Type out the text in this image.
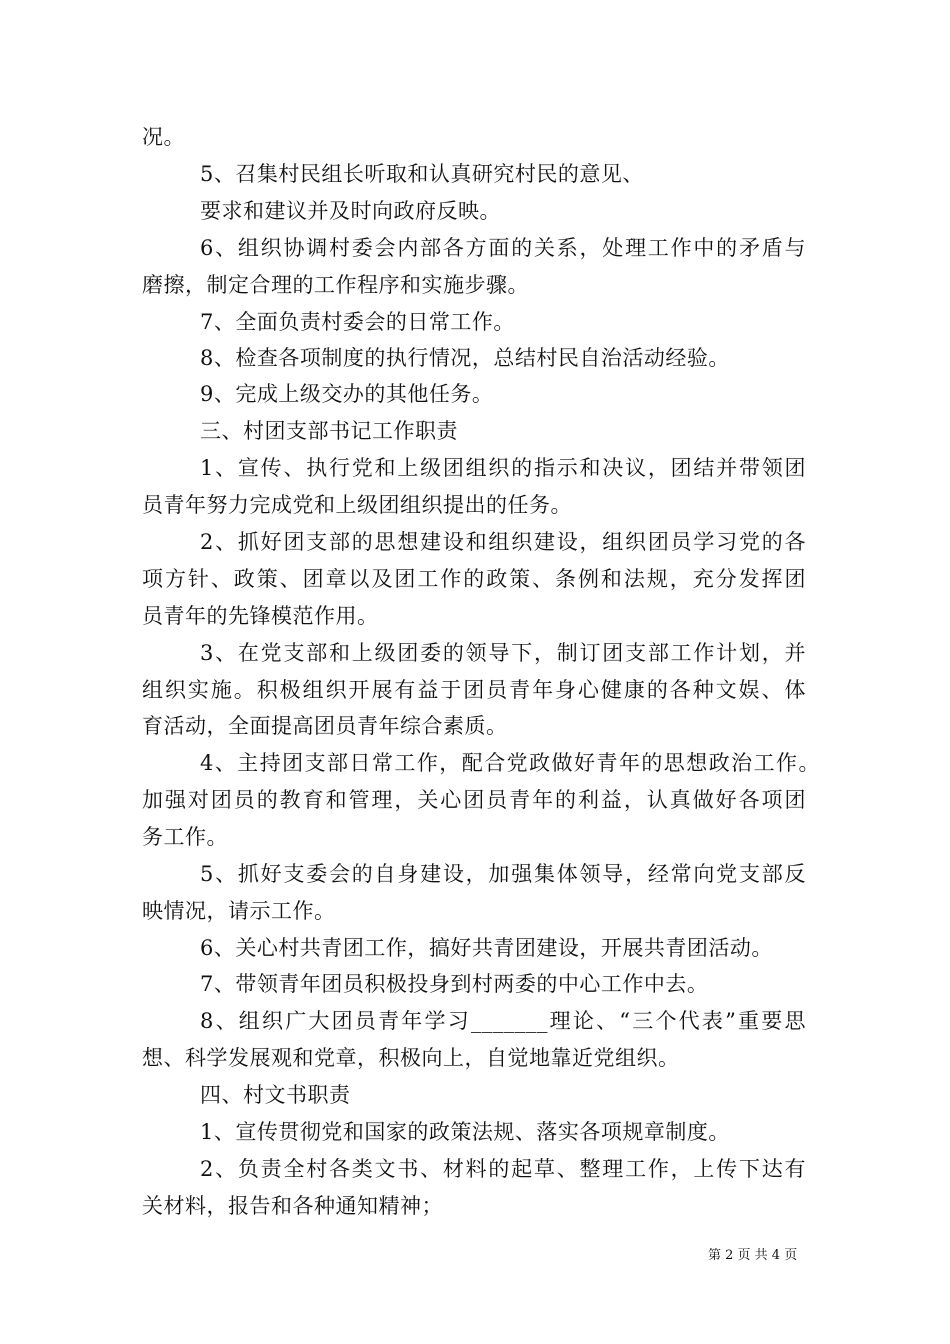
况。
5、召集村民组长听取和认真研究村民的意见、
要求和建议并及时向政府反映。
6、组织协调村委会内部各方面的关系，处理工作中的矛盾与
磨擦，制定合理的工作程序和实施步骤。
7、全面负责村委会的日常工作。
8、检查各项制度的执行情况，总结村民自治活动经验。
9、完成上级交办的其他任务。
三、村团支部书记工作职责
1、宣传、执行党和上级团组织的指示和决议，团结并带领团
员青年努力完成党和上级团组织提出的任务。
2、抓好团支部的思想建设和组织建设，组织团员学习党的各
项方针、政策、团章以及团工作的政策、条例和法规，充分发挥团
员青年的先锋模范作用。
3、在党支部和上级团委的领导下，制订团支部工作计划，并
组织实施。积极组织开展有益于团员青年身心健康的各种文娱、体
育活动，全面提高团员青年综合素质。
4、主持团支部日常工作，配合党政做好青年的思想政治工作。
加强对团员的教育和管理，关心团员青年的利益，认真做好各项团
务工作。
5、抓好支委会的自身建设，加强集体领导，经常向党支部反
映情况，请示工作。
6、关心村共青团工作，搞好共青团建设，开展共青团活动。
7、带领青年团员积极投身到村两委的中心工作中去。
8、组织广大团员青年学习_______理论、“三个代表”重要思
想、科学发展观和党章，积极向上，自觉地靠近党组织。
四、村文书职责
1、宣传贯彻党和国家的政策法规、落实各项规章制度。
2、负责全村各类文书、材料的起草、整理工作，上传下达有
关材料，报告和各种通知精神；
第 2 页 共 4 页
